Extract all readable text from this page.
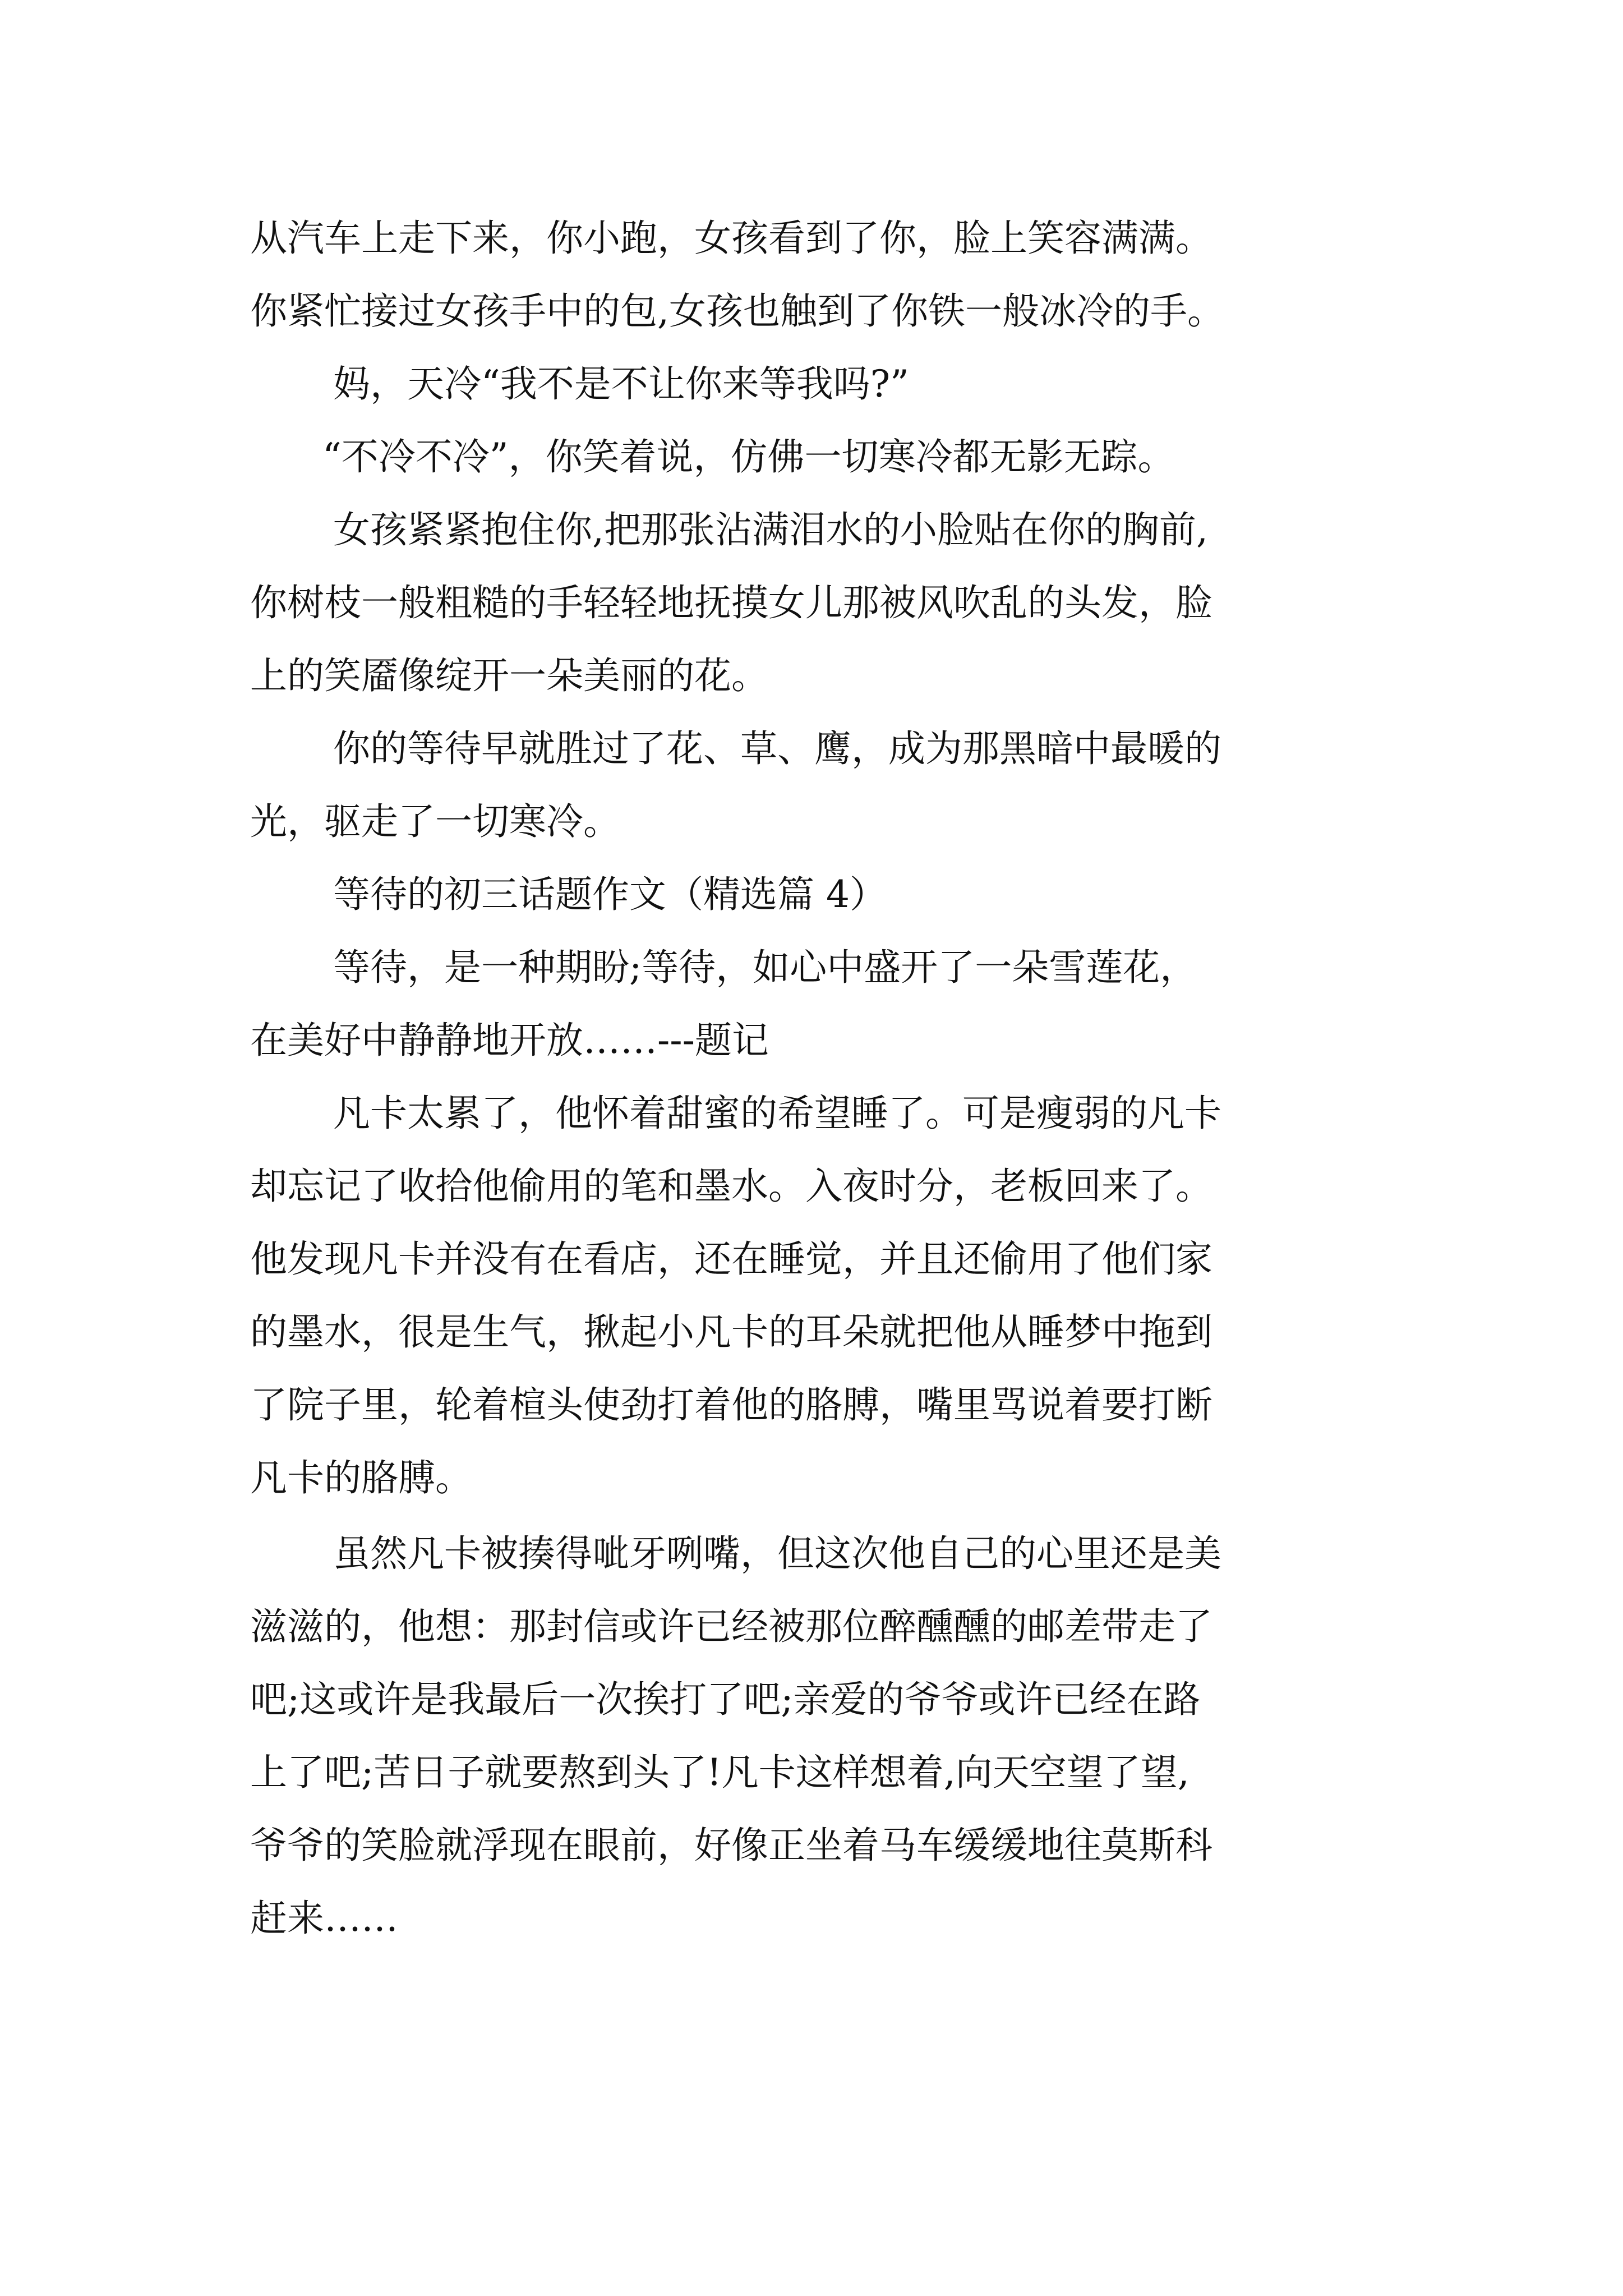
从汽车上走下来，你小跑，女孩看到了你，脸上笑容满满。
你紧忙接过女孩手中的包,女孩也触到了你铁一般冰冷的手。
妈，天冷“我不是不让你来等我吗?”
“不冷不冷”，你笑着说，仿佛一切寒冷都无影无踪。
女孩紧紧抱住你,把那张沾满泪水的小脸贴在你的胸前,
你树枝一般粗糙的手轻轻地抚摸女儿那被风吹乱的头发，脸
上的笑靥像绽开一朵美丽的花。
你的等待早就胜过了花、草、鹰，成为那黑暗中最暖的
光，驱走了一切寒冷。
等待的初三话题作文（精选篇 4）
等待，是一种期盼;等待，如心中盛开了一朵雪莲花，
在美好中静静地开放……---题记
凡卡太累了，他怀着甜蜜的希望睡了。可是瘦弱的凡卡
却忘记了收拾他偷用的笔和墨水。入夜时分，老板回来了。
他发现凡卡并没有在看店，还在睡觉，并且还偷用了他们家
的墨水，很是生气，揪起小凡卡的耳朵就把他从睡梦中拖到
了院子里，轮着楦头使劲打着他的胳膊，嘴里骂说着要打断
凡卡的胳膊。
虽然凡卡被揍得呲牙咧嘴，但这次他自己的心里还是美
滋滋的，他想：那封信或许已经被那位醉醺醺的邮差带走了
吧;这或许是我最后一次挨打了吧;亲爱的爷爷或许已经在路
上了吧;苦日子就要熬到头了!凡卡这样想着,向天空望了望,
爷爷的笑脸就浮现在眼前，好像正坐着马车缓缓地往莫斯科
赶来……
